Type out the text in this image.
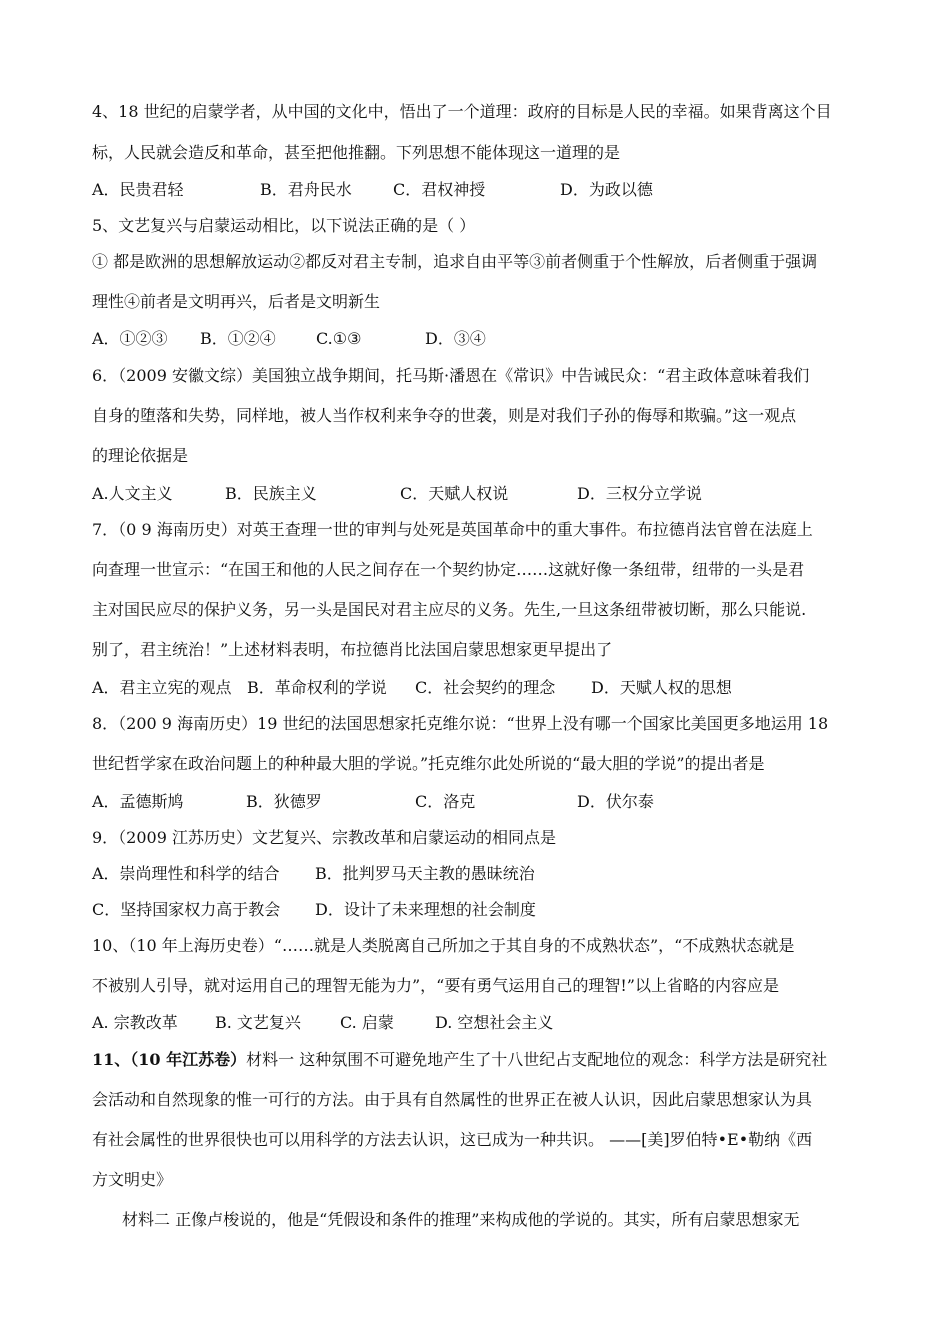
4、18 世纪的启蒙学者，从中国的文化中，悟出了一个道理：政府的目标是人民的幸福。如果背离这个目
标，人民就会造反和革命，甚至把他推翻。下列思想不能体现这一道理的是
A．民贵君轻	B．君舟民水	C．君权神授	D．为政以德
5、文艺复兴与启蒙运动相比，以下说法正确的是（ ）
① 都是欧洲的思想解放运动②都反对君主专制，追求自由平等③前者侧重于个性解放，后者侧重于强调
理性④前者是文明再兴，后者是文明新生
A．①②③ B．①②④	C.①③	D．③④
6．（2009 安徽文综）美国独立战争期间，托马斯·潘恩在《常识》中告诫民众：“君主政体意味着我们
自身的堕落和失势，同样地，被人当作权利来争夺的世袭，则是对我们子孙的侮辱和欺骗。”这一观点
的理论依据是
A.人文主义	B．民族主义	C．天赋人权说	D．三权分立学说
7．（0 9 海南历史）对英王查理一世的审判与处死是英国革命中的重大事件。布拉德肖法官曾在法庭上
向查理一世宣示：“在国王和他的人民之间存在一个契约协定……这就好像一条纽带，纽带的一头是君
主对国民应尽的保护义务，另一头是国民对君主应尽的义务。先生,一旦这条纽带被切断，那么只能说.
别了，君主统治！”上述材料表明，布拉德肖比法国启蒙思想家更早提出了
A．君主立宪的观点 B．革命权利的学说 C．社会契约的理念 D．天赋人权的思想
8．（200 9 海南历史）19 世纪的法国思想家托克维尔说：“世界上没有哪一个国家比美国更多地运用 18
世纪哲学家在政治问题上的种种最大胆的学说。”托克维尔此处所说的“最大胆的学说”的提出者是
A．孟德斯鸠	B．狄德罗	C．洛克	D．伏尔泰
9．（2009 江苏历史）文艺复兴、宗教改革和启蒙运动的相同点是
A．崇尚理性和科学的结合 B．批判罗马天主教的愚昧统治
C．坚持国家权力高于教会 D．设计了未来理想的社会制度
10、（10 年上海历史卷）“……就是人类脱离自己所加之于其自身的不成熟状态”，“不成熟状态就是
不被别人引导，就对运用自己的理智无能为力”，“要有勇气运用自己的理智!”以上省略的内容应是
A. 宗教改革 B. 文艺复兴 C. 启蒙	D. 空想社会主义
11、（10 年江苏卷）材料一 这种氛围不可避免地产生了十八世纪占支配地位的观念：科学方法是研究社
会活动和自然现象的惟一可行的方法。由于具有自然属性的世界正在被人认识，因此启蒙思想家认为具
有社会属性的世界很快也可以用科学的方法去认识，这已成为一种共识。 ——[美]罗伯特•E•勒纳《西
方文明史》
材料二 正像卢梭说的，他是“凭假设和条件的推理”来构成他的学说的。其实，所有启蒙思想家无
